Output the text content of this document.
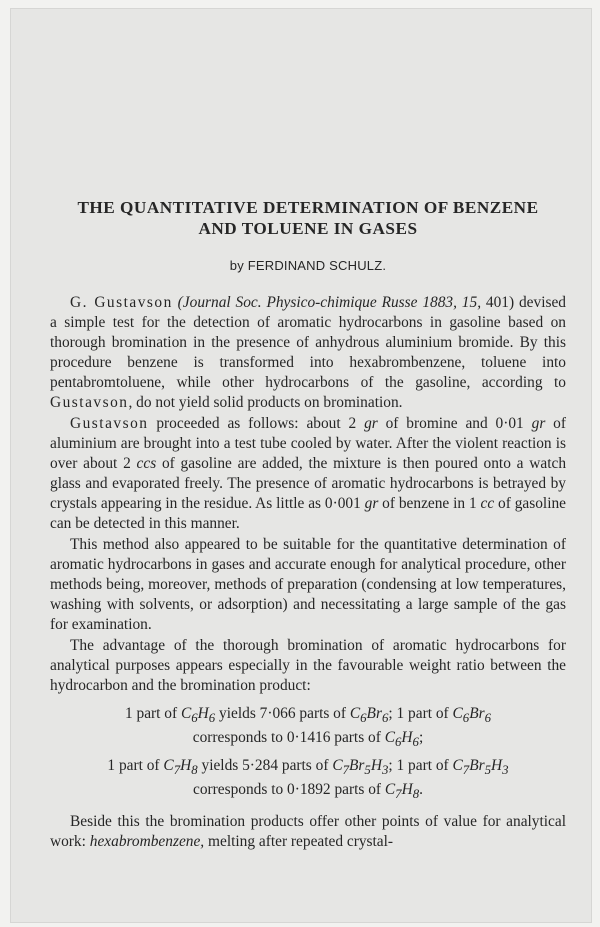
THE QUANTITATIVE DETERMINATION OF BENZENE
AND TOLUENE IN GASES
by FERDINAND SCHULZ.

G. Gustavson (Journal Soc. Physico-chimique Russe 1883, 15, 401) devised a simple test for the detection of aromatic hydrocarbons in gasoline based on thorough bromination in the presence of anhydrous aluminium bromide. By this procedure benzene is transformed into hexabrombenzene, toluene into pentabromtoluene, while other hydrocarbons of the gasoline, according to Gustavson, do not yield solid products on bromination.

Gustavson proceeded as follows: about 2 gr of bromine and 0·01 gr of aluminium are brought into a test tube cooled by water. After the violent reaction is over about 2 ccs of gasoline are added, the mixture is then poured onto a watch glass and evaporated freely. The presence of aromatic hydrocarbons is betrayed by crystals appearing in the residue. As little as 0·001 gr of benzene in 1 cc of gasoline can be detected in this manner.

This method also appeared to be suitable for the quantitative determination of aromatic hydrocarbons in gases and accurate enough for analytical procedure, other methods being, moreover, methods of preparation (condensing at low temperatures, washing with solvents, or adsorption) and necessitating a large sample of the gas for examination.

The advantage of the thorough bromination of aromatic hydrocarbons for analytical purposes appears especially in the favourable weight ratio between the hydrocarbon and the bromination product:

1 part of $C_6H_6$ yields 7·066 parts of $C_6Br_6$; 1 part of $C_6Br_6$
corresponds to 0·1416 parts of $C_6H_6$;
1 part of $C_7H_8$ yields 5·284 parts of $C_7Br_5H_3$; 1 part of $C_7Br_5H_3$
corresponds to 0·1892 parts of $C_7H_8$.

Beside this the bromination products offer other points of value for analytical work: hexabrombenzene, melting after repeated crystal-
